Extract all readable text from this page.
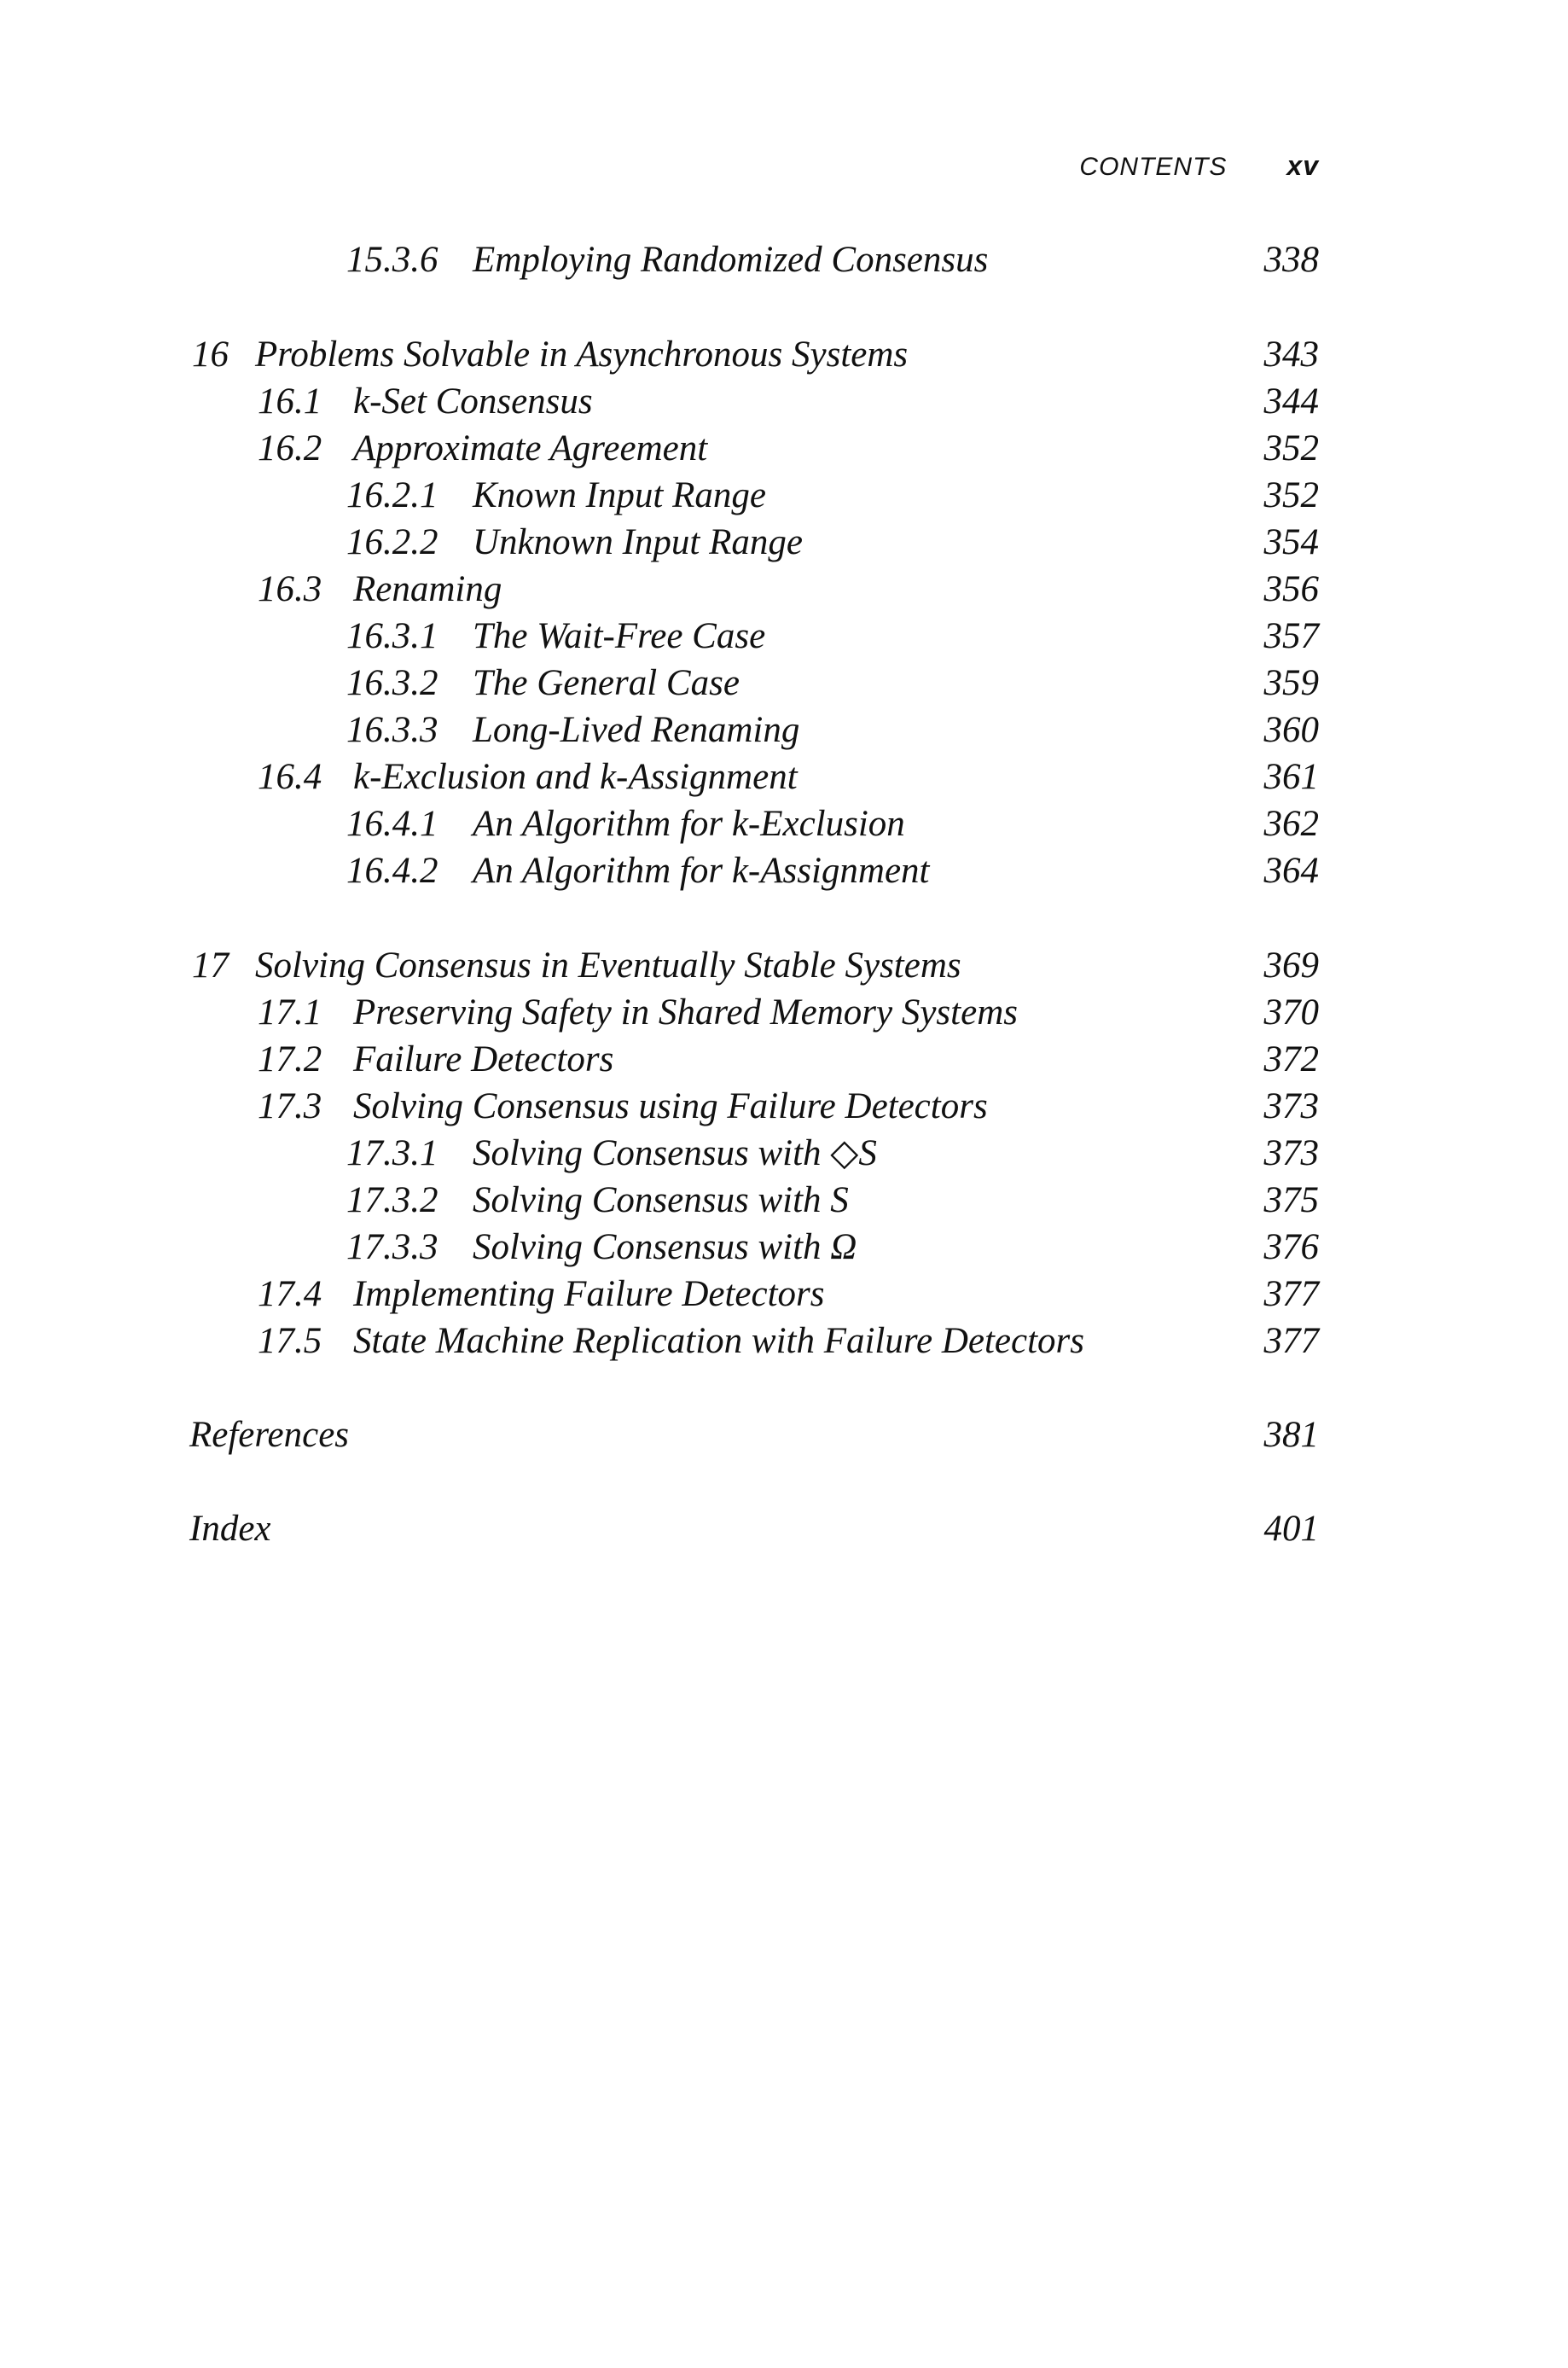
CONTENTS xv
15.3.6 Employing Randomized Consensus	338
16 Problems Solvable in Asynchronous Systems	343
16.1 k-Set Consensus	344
16.2 Approximate Agreement	352
16.2.1 Known Input Range	352
16.2.2 Unknown Input Range	354
16.3 Renaming	356
16.3.1 The Wait-Free Case	357
16.3.2 The General Case	359
16.3.3 Long-Lived Renaming	360
16.4 k-Exclusion and k-Assignment	361
16.4.1 An Algorithm for k-Exclusion	362
16.4.2 An Algorithm for k-Assignment	364
17 Solving Consensus in Eventually Stable Systems	369
17.1 Preserving Safety in Shared Memory Systems	370
17.2 Failure Detectors	372
17.3 Solving Consensus using Failure Detectors	373
17.3.1 Solving Consensus with ◇S	373
17.3.2 Solving Consensus with S	375
17.3.3 Solving Consensus with Ω	376
17.4 Implementing Failure Detectors	377
17.5 State Machine Replication with Failure Detectors	377
References	381
Index	401
